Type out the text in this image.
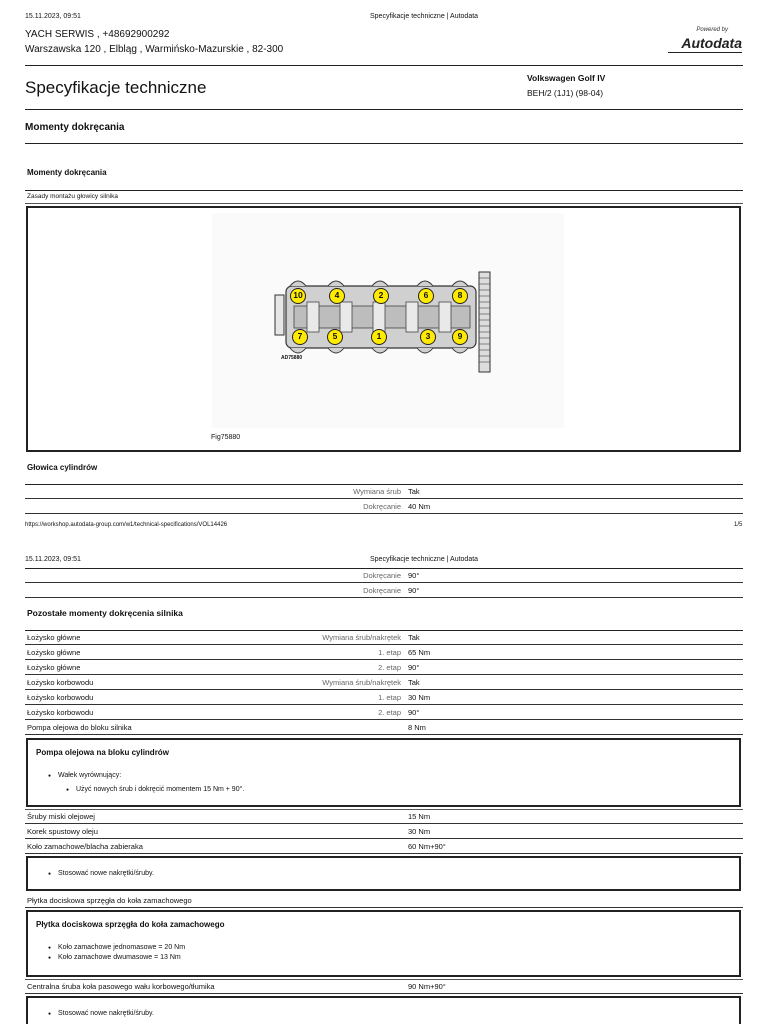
15.11.2023, 09:51	Specyfikacje techniczne | Autodata
YACH SERWIS , +48692900292
Warszawska 120 , Elbląg , Warmińsko-Mazurskie , 82-300
Powered by
Autodata
Specyfikacje techniczne	Volkswagen Golf IV
BEH/2 (1J1) (98-04)
Momenty dokręcania
Momenty dokręcania
Zasady montażu głowicy silnika
10	4	2	6	8
7	5	1	3	9
AD75880
Fig75880
Głowica cylindrów
Wymiana śrub Tak
Dokręcanie 40 Nm
https://workshop.autodata-group.com/w1/technical-specifications/VOL14426	1/5
15.11.2023, 09:51	Specyfikacje techniczne | Autodata
Dokręcanie 90°
Dokręcanie 90°
Pozostałe momenty dokręcenia silnika
Łożysko główne	Wymiana śrub/nakrętek Tak
Łożysko główne	1. etap 65 Nm
Łożysko główne	2. etap 90°
Łożysko korbowodu	Wymiana śrub/nakrętek Tak
Łożysko korbowodu	1. etap 30 Nm
Łożysko korbowodu	2. etap 90°
Pompa olejowa do bloku silnika	8 Nm
Pompa olejowa na bloku cylindrów
● Wałek wyrównujący:
● Użyć nowych śrub i dokręcić momentem 15 Nm + 90°.
Śruby miski olejowej	15 Nm
Korek spustowy oleju	30 Nm
Koło zamachowe/blacha zabieraka	60 Nm+90°
● Stosować nowe nakrętki/śruby.
Płytka dociskowa sprzęgła do koła zamachowego
Płytka dociskowa sprzęgła do koła zamachowego
● Koło zamachowe jednomasowe = 20 Nm
● Koło zamachowe dwumasowe = 13 Nm
Centralna śruba koła pasowego wału korbowego/tłumika	90 Nm+90°
● Stosować nowe nakrętki/śruby.
